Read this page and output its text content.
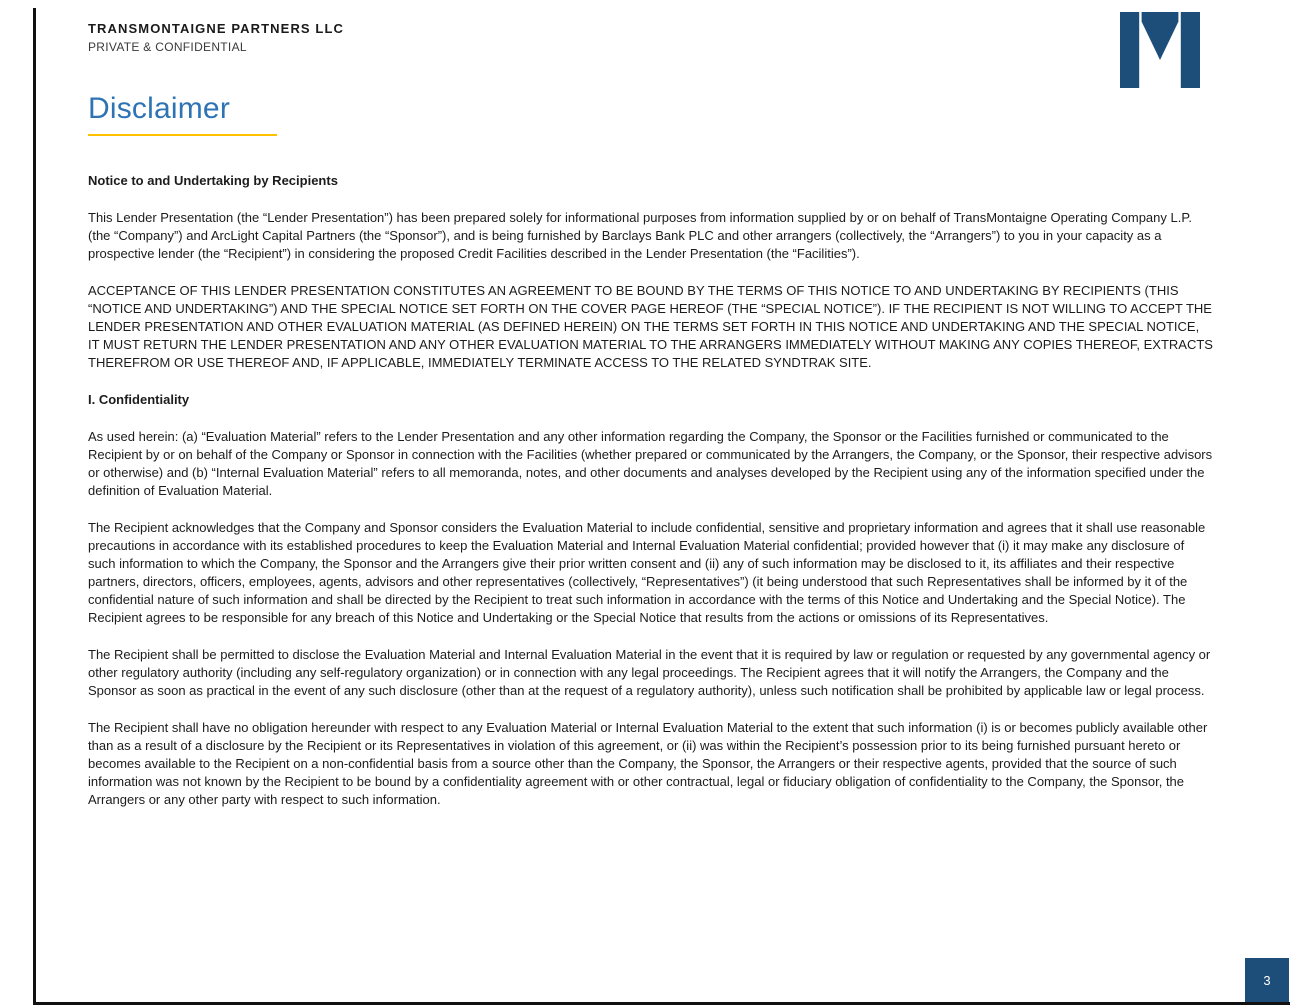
TRANSMONTAIGNE PARTNERS LLC
PRIVATE & CONFIDENTIAL
Disclaimer

Notice to and Undertaking by Recipients

This Lender Presentation (the “Lender Presentation”) has been prepared solely for informational purposes from information supplied by or on behalf of TransMontaigne Operating Company L.P. (the “Company”) and ArcLight Capital Partners (the “Sponsor”), and is being furnished by Barclays Bank PLC and other arrangers (collectively, the “Arrangers”) to you in your capacity as a prospective lender (the “Recipient”) in considering the proposed Credit Facilities described in the Lender Presentation (the “Facilities”).

ACCEPTANCE OF THIS LENDER PRESENTATION CONSTITUTES AN AGREEMENT TO BE BOUND BY THE TERMS OF THIS NOTICE TO AND UNDERTAKING BY RECIPIENTS (THIS “NOTICE AND UNDERTAKING”) AND THE SPECIAL NOTICE SET FORTH ON THE COVER PAGE HEREOF (THE “SPECIAL NOTICE”). IF THE RECIPIENT IS NOT WILLING TO ACCEPT THE LENDER PRESENTATION AND OTHER EVALUATION MATERIAL (AS DEFINED HEREIN) ON THE TERMS SET FORTH IN THIS NOTICE AND UNDERTAKING AND THE SPECIAL NOTICE, IT MUST RETURN THE LENDER PRESENTATION AND ANY OTHER EVALUATION MATERIAL TO THE ARRANGERS IMMEDIATELY WITHOUT MAKING ANY COPIES THEREOF, EXTRACTS THEREFROM OR USE THEREOF AND, IF APPLICABLE, IMMEDIATELY TERMINATE ACCESS TO THE RELATED SYNDTRAK SITE.

I. Confidentiality

As used herein: (a) “Evaluation Material” refers to the Lender Presentation and any other information regarding the Company, the Sponsor or the Facilities furnished or communicated to the Recipient by or on behalf of the Company or Sponsor in connection with the Facilities (whether prepared or communicated by the Arrangers, the Company, or the Sponsor, their respective advisors or otherwise) and (b) “Internal Evaluation Material” refers to all memoranda, notes, and other documents and analyses developed by the Recipient using any of the information specified under the definition of Evaluation Material.

The Recipient acknowledges that the Company and Sponsor considers the Evaluation Material to include confidential, sensitive and proprietary information and agrees that it shall use reasonable precautions in accordance with its established procedures to keep the Evaluation Material and Internal Evaluation Material confidential; provided however that (i) it may make any disclosure of such information to which the Company, the Sponsor and the Arrangers give their prior written consent and (ii) any of such information may be disclosed to it, its affiliates and their respective partners, directors, officers, employees, agents, advisors and other representatives (collectively, “Representatives”) (it being understood that such Representatives shall be informed by it of the confidential nature of such information and shall be directed by the Recipient to treat such information in accordance with the terms of this Notice and Undertaking and the Special Notice). The Recipient agrees to be responsible for any breach of this Notice and Undertaking or the Special Notice that results from the actions or omissions of its Representatives.

The Recipient shall be permitted to disclose the Evaluation Material and Internal Evaluation Material in the event that it is required by law or regulation or requested by any governmental agency or other regulatory authority (including any self-regulatory organization) or in connection with any legal proceedings. The Recipient agrees that it will notify the Arrangers, the Company and the Sponsor as soon as practical in the event of any such disclosure (other than at the request of a regulatory authority), unless such notification shall be prohibited by applicable law or legal process.

The Recipient shall have no obligation hereunder with respect to any Evaluation Material or Internal Evaluation Material to the extent that such information (i) is or becomes publicly available other than as a result of a disclosure by the Recipient or its Representatives in violation of this agreement, or (ii) was within the Recipient’s possession prior to its being furnished pursuant hereto or becomes available to the Recipient on a non-confidential basis from a source other than the Company, the Sponsor, the Arrangers or their respective agents, provided that the source of such information was not known by the Recipient to be bound by a confidentiality agreement with or other contractual, legal or fiduciary obligation of confidentiality to the Company, the Sponsor, the Arrangers or any other party with respect to such information.

3
